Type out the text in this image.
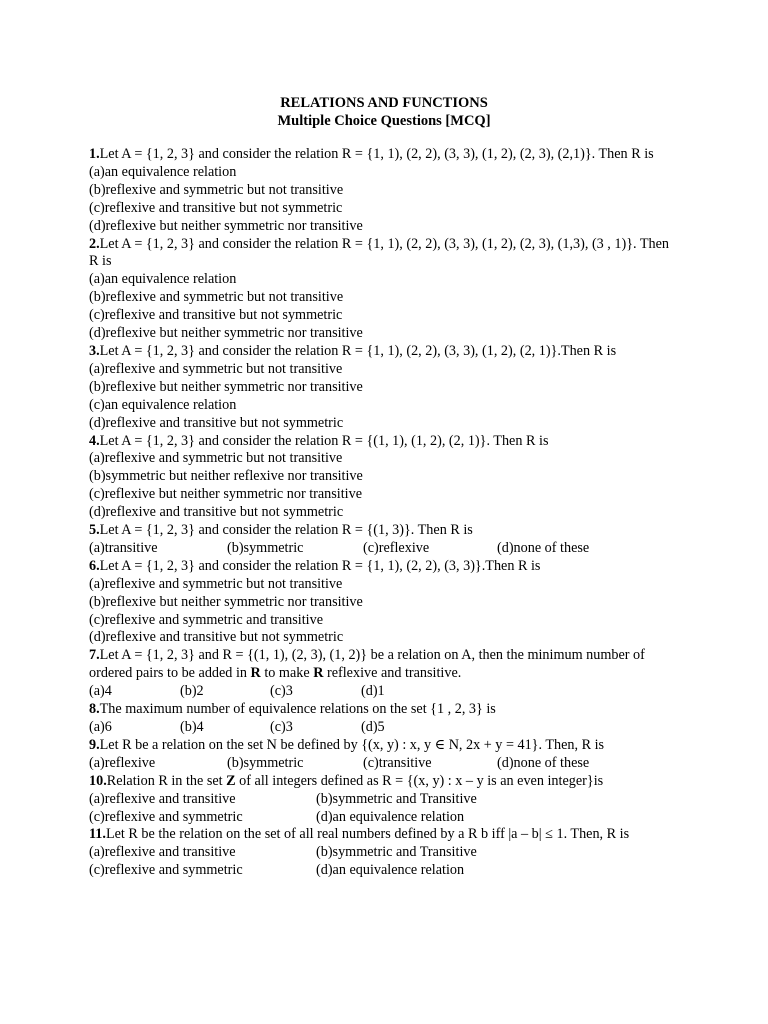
RELATIONS AND FUNCTIONS
Multiple Choice Questions [MCQ]

1.Let A = {1, 2, 3} and consider the relation R = {1, 1), (2, 2), (3, 3), (1, 2), (2, 3), (2,1)}. Then R is

(a)an equivalence relation
(b)reflexive and symmetric but not transitive
(c)reflexive and transitive but not symmetric
(d)reflexive but neither symmetric nor transitive

2.Let A = {1, 2, 3} and consider the relation R = {1, 1), (2, 2), (3, 3), (1, 2), (2, 3), (1,3), (3 , 1)}. Then R is

(a)an equivalence relation
(b)reflexive and symmetric but not transitive
(c)reflexive and transitive but not symmetric
(d)reflexive but neither symmetric nor transitive

3.Let A = {1, 2, 3} and consider the relation R = {1, 1), (2, 2), (3, 3), (1, 2), (2, 1)}.Then R is

(a)reflexive and symmetric but not transitive
(b)reflexive but neither symmetric nor transitive
(c)an equivalence relation
(d)reflexive and transitive but not symmetric

4.Let A = {1, 2, 3} and consider the relation R = {(1, 1), (1, 2), (2, 1)}. Then R is

(a)reflexive and symmetric but not transitive
(b)symmetric but neither reflexive nor transitive
(c)reflexive but neither symmetric nor transitive
(d)reflexive and transitive but not symmetric

5.Let A = {1, 2, 3} and consider the relation R = {(1, 3)}. Then R is

(a)transitive	(b)symmetric	(c)reflexive	(d)none of these

6.Let A = {1, 2, 3} and consider the relation R = {1, 1), (2, 2), (3, 3)}.Then R is

(a)reflexive and symmetric but not transitive
(b)reflexive but neither symmetric nor transitive
(c)reflexive and symmetric and transitive
(d)reflexive and transitive but not symmetric

7.Let A = {1, 2, 3} and R = {(1, 1), (2, 3), (1, 2)} be a relation on A, then the minimum number of ordered pairs to be added in R to make R reflexive and transitive.

(a)4	(b)2	(c)3	(d)1

8.The maximum number of equivalence relations on the set {1 , 2, 3} is

(a)6	(b)4	(c)3	(d)5

9.Let R be a relation on the set N be defined by {(x, y) : x, y ∈ N, 2x + y = 41}. Then, R is

(a)reflexive	(b)symmetric	(c)transitive	(d)none of these

10.Relation R in the set Z of all integers defined as R = {(x, y) : x – y is an even integer}is

(a)reflexive and transitive	(b)symmetric and Transitive
(c)reflexive and symmetric	(d)an equivalence relation

11.Let R be the relation on the set of all real numbers defined by a R b iff |a – b| ≤ 1. Then, R is

(a)reflexive and transitive	(b)symmetric and Transitive
(c)reflexive and symmetric	(d)an equivalence relation
